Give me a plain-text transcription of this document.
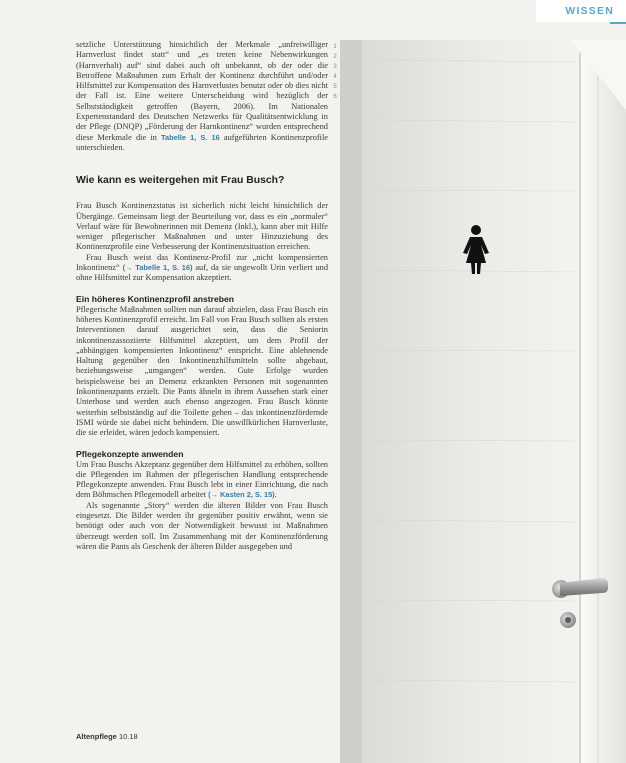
WISSEN

setzliche Unterstützung hinsichtlich der Merkmale „unfreiwilliger Harnverlust findet statt“ und „es treten keine Nebenwirkungen (Harnverhalt) auf“ sind dabei auch oft unbekannt, ob der oder die Betroffene Maßnahmen zum Erhalt der Kontinenz durchführt und/oder Hilfsmittel zur Kompensation des Harnverlustes benutzt oder ob dies nicht der Fall ist. Eine weitere Unterscheidung wird bezüglich der Selbstständigkeit getroffen (Bayern, 2006). Im Nationalen Expertenstandard des Deutschen Netzwerks für Qualitätsentwicklung in der Pflege (DNQP) „Förderung der Harnkontinenz“ wurden entsprechend diese Merkmale die in Tabelle 1, S. 16 aufgeführten Kontinenzprofile unterschieden.

Wie kann es weitergehen mit Frau Busch?

Frau Busch Kontinenzstatus ist sicherlich nicht leicht hinsichtlich der Übergänge. Gemeinsam liegt der Beurteilung vor, dass es ein „normaler“ Verlauf wäre für Bewohnerinnen mit Demenz (Inkl.), kann aber mit Hilfe weniger pflegerischer Maßnahmen und unter Hinzuziehung des Kontinenzprofile eine Verbesserung der Kontinenzsituation erreichen.

Frau Busch weist das Kontinenz-Profil zur „nicht kompensierten Inkontinenz“ (→ Tabelle 1, S. 16) auf, da sie ungewollt Urin verliert und ohne Hilfsmittel zur Kompensation akzeptiert.

Ein höheres Kontinenzprofil anstreben

Pflegerische Maßnahmen sollten nun darauf abzielen, dass Frau Busch ein höheres Kontinenzprofil erreicht. Im Fall von Frau Busch sollten als ersten Interventionen darauf ausgerichtet sein, dass die Seniorin inkontinenzassoziierte Hilfsmittel akzeptiert, um dem Profil der „abhängigen kompensierten Inkontinenz“ entspricht. Eine ablehnende Haltung gegenüber den Inkontinenzhilfsmitteln sollte abgebaut, beziehungsweise „umgangen“ werden. Gute Erfolge wurden beispielsweise bei an Demenz erkrankten Personen mit sogenannten Inkontinenzpants erzielt. Die Pants ähneln in ihrem Aussehen stark einer Unterhose und werden auch ebenso angezogen. Frau Busch könnte weiterhin selbstständig auf die Toilette gehen – das inkontinenzfördernde ISMI würde sie dabei nicht behindern. Die unwillkürlichen Harnverluste, die sie erleidet, wären jedoch kompensiert.

Pflegekonzepte anwenden

Um Frau Buschs Akzeptanz gegenüber dem Hilfsmittel zu erhöhen, sollten die Pflegenden im Rahmen der pflegerischen Handlung entsprechende Pflegekonzepte anwenden. Frau Busch lebt in einer Einrichtung, die nach dem Böhmschen Pflegemodell arbeitet (→ Kasten 2, S. 15).

Als sogenannte „Story“ werden die älteren Bilder von Frau Busch eingesetzt. Die Bilder werden ihr gegenüber positiv erwähnt, wenn sie benötigt oder auch von der Notwendigkeit bewusst ist Maßnahmen überzeugt werden soll. Im Zusammenhang mit der Kontinenzförderung wären die Pants als Geschenk der älteren Bilder ausgegeben und

1
2
3
4
5
6
Altenpflege 10.18
